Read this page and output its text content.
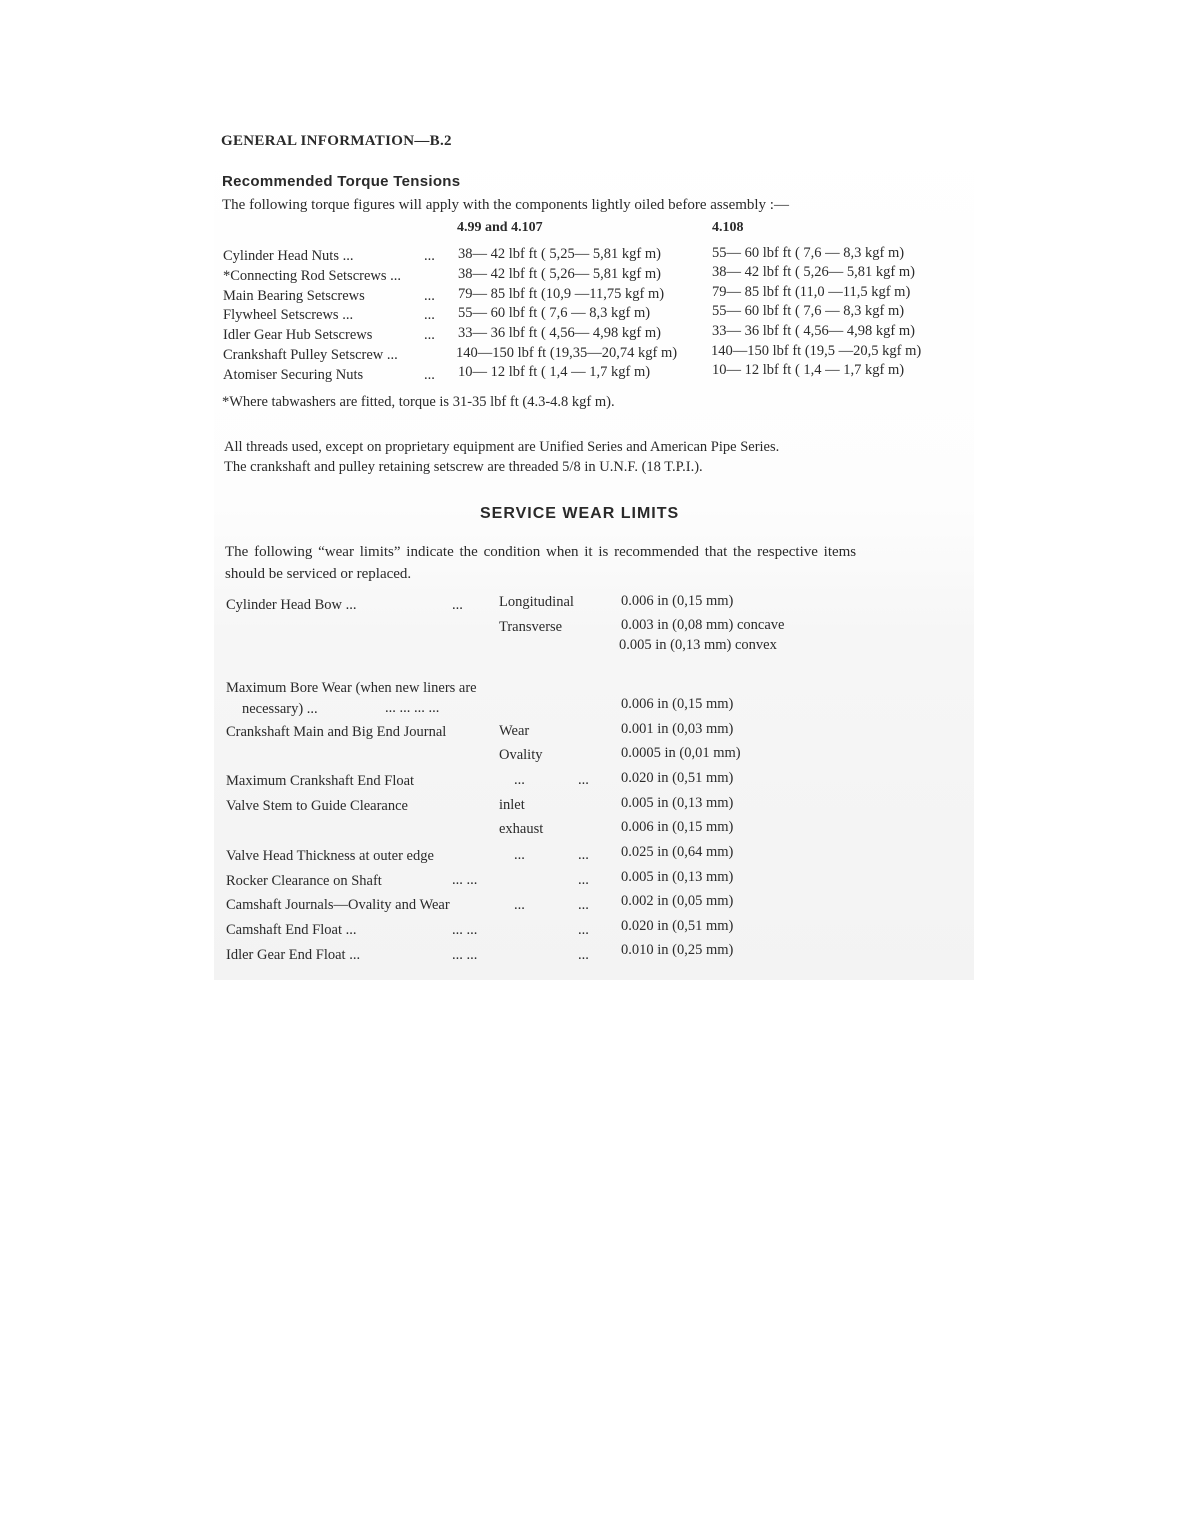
GENERAL INFORMATION—B.2
Recommended Torque Tensions
The following torque figures will apply with the components lightly oiled before assembly :—
4.99 and 4.107	4.108
Cylinder Head Nuts ...	... 38— 42 lbf ft ( 5,25— 5,81 kgf m)	55— 60 lbf ft ( 7,6 — 8,3 kgf m)
*Connecting Rod Setscrews ...	38— 42 lbf ft ( 5,26— 5,81 kgf m)	38— 42 lbf ft ( 5,26— 5,81 kgf m)
Main Bearing Setscrews	... 79— 85 lbf ft (10,9 —11,75 kgf m)	79— 85 lbf ft (11,0 —11,5 kgf m)
Flywheel Setscrews ...	... 55— 60 lbf ft ( 7,6 — 8,3 kgf m)	55— 60 lbf ft ( 7,6 — 8,3 kgf m)
Idler Gear Hub Setscrews	... 33— 36 lbf ft ( 4,56— 4,98 kgf m)	33— 36 lbf ft ( 4,56— 4,98 kgf m)
Crankshaft Pulley Setscrew ...	140—150 lbf ft (19,35—20,74 kgf m) 140—150 lbf ft (19,5 —20,5 kgf m)
Atomiser Securing Nuts	... 10— 12 lbf ft ( 1,4 — 1,7 kgf m)	10— 12 lbf ft ( 1,4 — 1,7 kgf m)
*Where tabwashers are fitted, torque is 31-35 lbf ft (4.3-4.8 kgf m).
All threads used, except on proprietary equipment are Unified Series and American Pipe Series.
The crankshaft and pulley retaining setscrew are threaded 5/8 in U.N.F. (18 T.P.I.).
SERVICE WEAR LIMITS
The following “wear limits” indicate the condition when it is recommended that the respective items
should be serviced or replaced.
Cylinder Head Bow ...	... Longitudinal	0.006 in (0,15 mm)
Transverse	0.003 in (0,08 mm) concave
0.005 in (0,13 mm) convex
Maximum Bore Wear (when new liners are
necessary) ...	... ... ... ...	0.006 in (0,15 mm)
Crankshaft Main and Big End Journal	Wear	0.001 in (0,03 mm)
Ovality	0.0005 in (0,01 mm)
Maximum Crankshaft End Float	...	... 0.020 in (0,51 mm)
Valve Stem to Guide Clearance	inlet	0.005 in (0,13 mm)
exhaust	0.006 in (0,15 mm)
Valve Head Thickness at outer edge	...	... 0.025 in (0,64 mm)
Rocker Clearance on Shaft	... ...	... 0.005 in (0,13 mm)
Camshaft Journals—Ovality and Wear	...	... 0.002 in (0,05 mm)
Camshaft End Float ...	... ...	... 0.020 in (0,51 mm)
Idler Gear End Float ...	... ...	... 0.010 in (0,25 mm)
